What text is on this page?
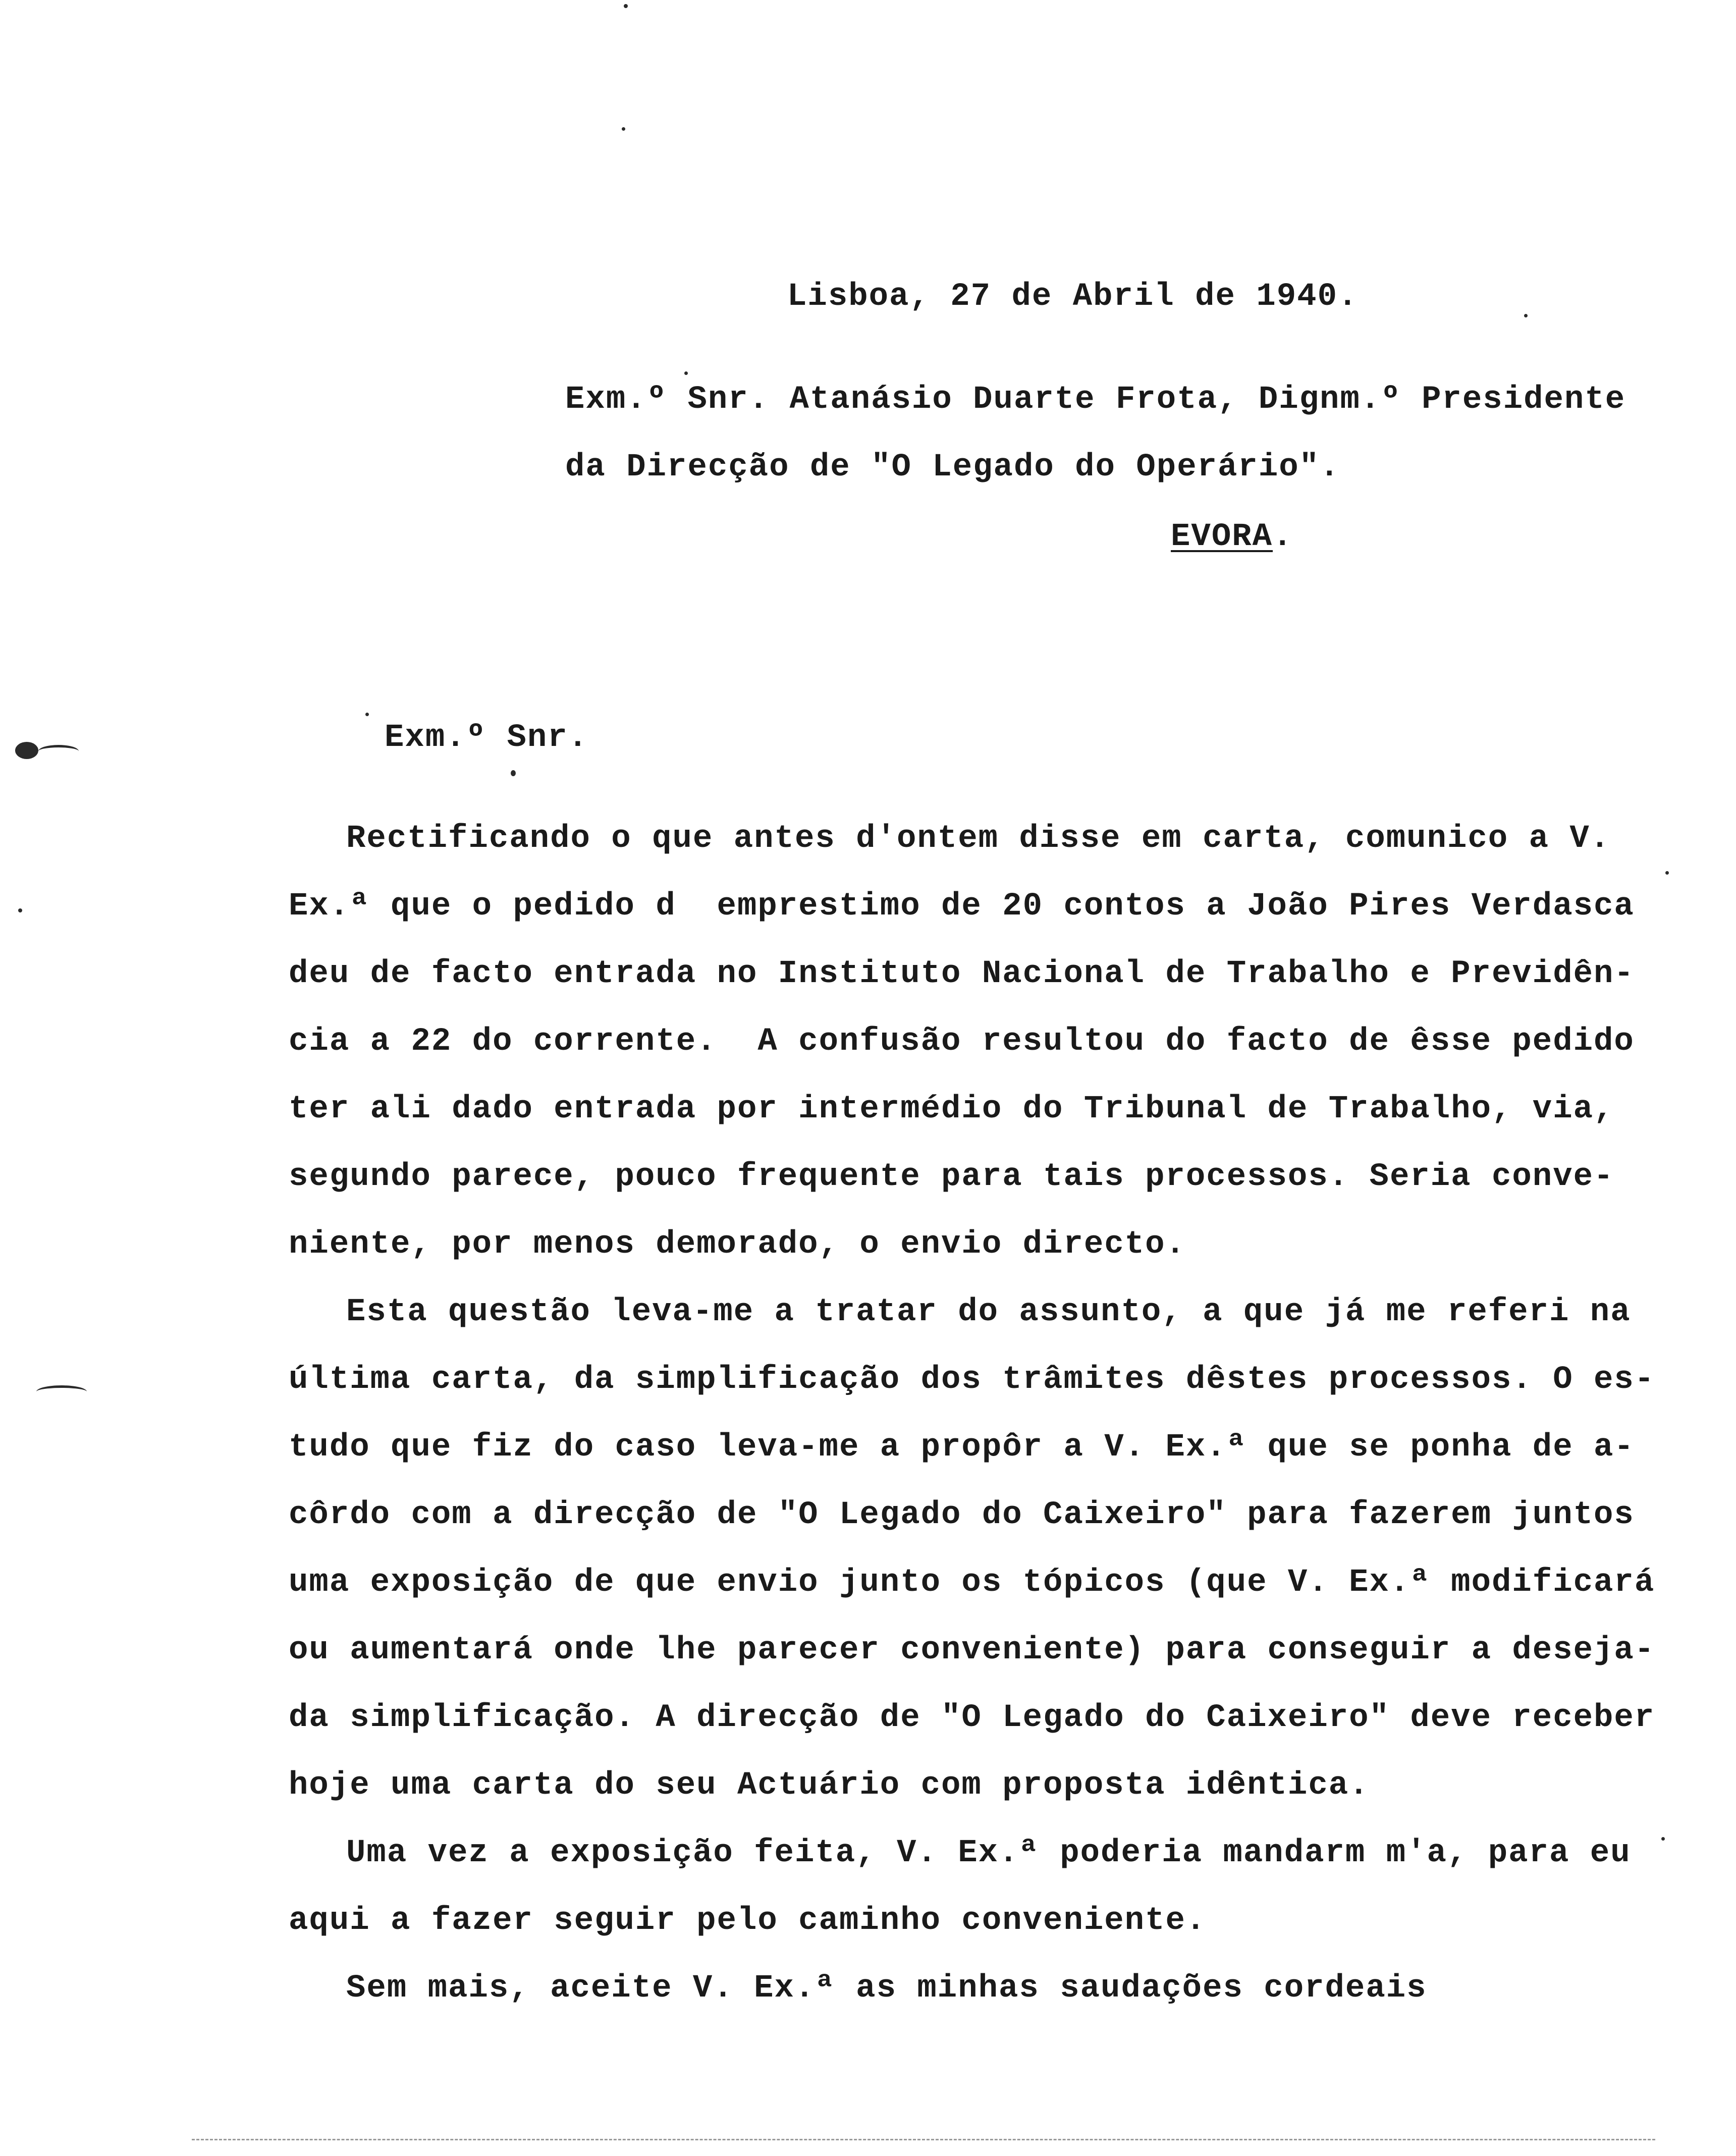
Lisboa, 27 de Abril de 1940.
Exm.º Snr. Atanásio Duarte Frota, Dignm.º Presidente
da Direcção de "O Legado do Operário".
EVORA.
Exm.º Snr.
Rectificando o que antes d'ontem disse em carta, comunico a V.
Ex.ª que o pedido d  emprestimo de 20 contos a João Pires Verdasca
deu de facto entrada no Instituto Nacional de Trabalho e Previdên-
cia a 22 do corrente.  A confusão resultou do facto de êsse pedido
ter ali dado entrada por intermédio do Tribunal de Trabalho, via,
segundo parece, pouco frequente para tais processos. Seria conve-
niente, por menos demorado, o envio directo.
Esta questão leva-me a tratar do assunto, a que já me referi na
última carta, da simplificação dos trâmites dêstes processos. O es-
tudo que fiz do caso leva-me a propôr a V. Ex.ª que se ponha de a-
côrdo com a direcção de "O Legado do Caixeiro" para fazerem juntos
uma exposição de que envio junto os tópicos (que V. Ex.ª modificará
ou aumentará onde lhe parecer conveniente) para conseguir a deseja-
da simplificação. A direcção de "O Legado do Caixeiro" deve receber
hoje uma carta do seu Actuário com proposta idêntica.
Uma vez a exposição feita, V. Ex.ª poderia mandarm m'a, para eu
aqui a fazer seguir pelo caminho conveniente.
Sem mais, aceite V. Ex.ª as minhas saudações cordeais
